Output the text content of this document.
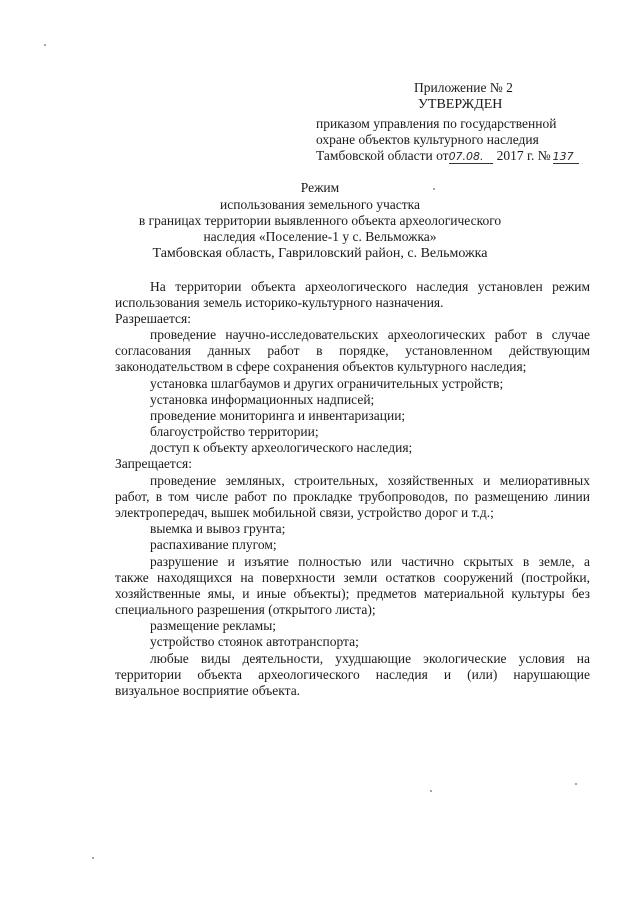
Приложение № 2
УТВЕРЖДЕН
приказом управления по государственной
охране объектов культурного наследия
Тамбовской области от07.08. 2017 г. № 137
Режим
использования земельного участка
в границах территории выявленного объекта археологического
наследия «Поселение-1 у с. Вельможка»
Тамбовская область, Гавриловский район, с. Вельможка
На территории объекта археологического наследия установлен режим
использования земель историко-культурного назначения.
Разрешается:
проведение научно-исследовательских археологических работ в случае
согласования данных работ в порядке, установленном действующим
законодательством в сфере сохранения объектов культурного наследия;
установка шлагбаумов и других ограничительных устройств;
установка информационных надписей;
проведение мониторинга и инвентаризации;
благоустройство территории;
доступ к объекту археологического наследия;
Запрещается:
проведение земляных, строительных, хозяйственных и мелиоративных
работ, в том числе работ по прокладке трубопроводов, по размещению линии
электропередач, вышек мобильной связи, устройство дорог и т.д.;
выемка и вывоз грунта;
распахивание плугом;
разрушение и изъятие полностью или частично скрытых в земле, а
также находящихся на поверхности земли остатков сооружений (постройки,
хозяйственные ямы, и иные объекты); предметов материальной культуры без
специального разрешения (открытого листа);
размещение рекламы;
устройство стоянок автотранспорта;
любые виды деятельности, ухудшающие экологические условия на
территории объекта археологического наследия и (или) нарушающие
визуальное восприятие объекта.
